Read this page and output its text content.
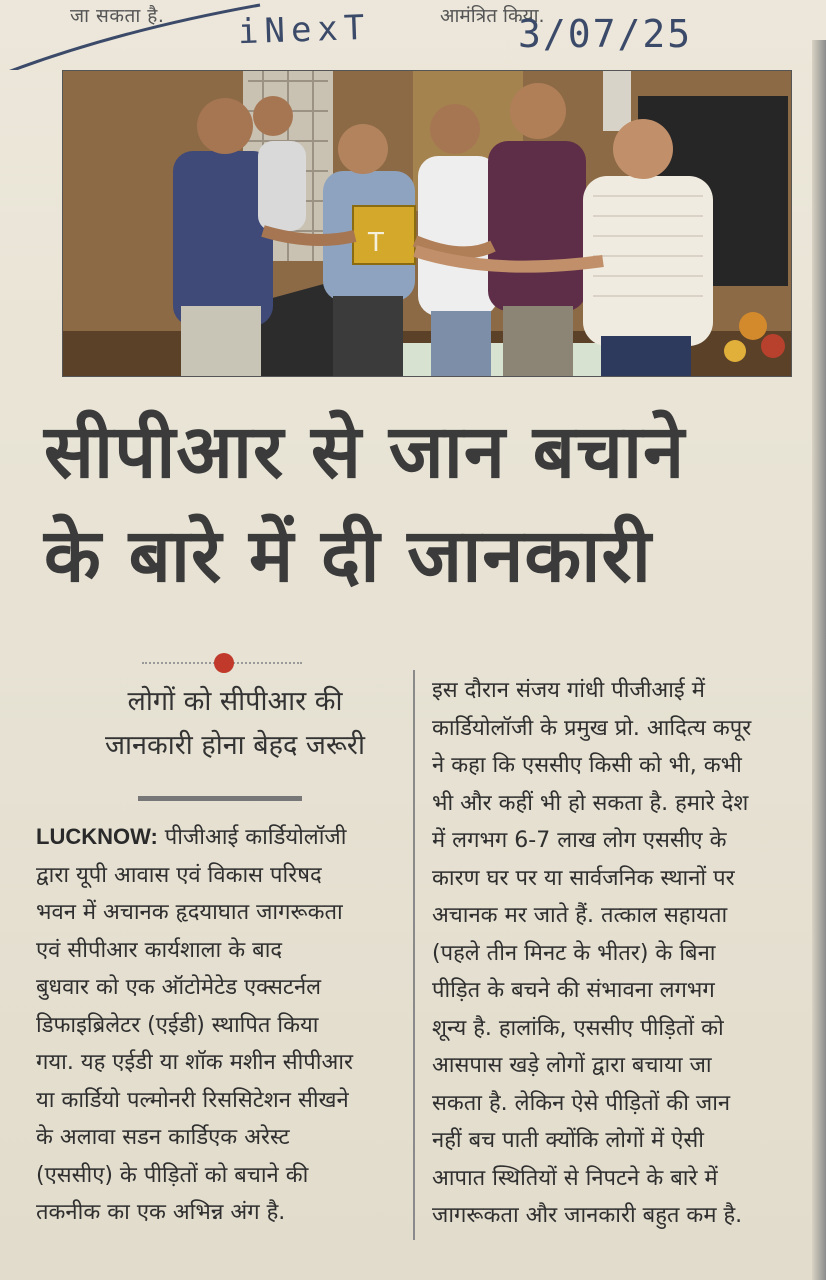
जा सकता है. iNexT	आमंत्रित किया.
3/07/25
T
सीपीआर से जान बचाने
के बारे में दी जानकारी
लोगों को सीपीआर की
जानकारी होना बेहद जरूरी
LUCKNOW: पीजीआई कार्डियोलॉजी
द्वारा यूपी आवास एवं विकास परिषद
भवन में अचानक हृदयाघात जागरूकता
एवं सीपीआर कार्यशाला के बाद
बुधवार को एक ऑटोमेटेड एक्सटर्नल
डिफाइब्रिलेटर (एईडी) स्थापित किया
गया. यह एईडी या शॉक मशीन सीपीआर
या कार्डियो पल्मोनरी रिससिटेशन सीखने
के अलावा सडन कार्डिएक अरेस्ट
(एससीए) के पीड़ितों को बचाने की
तकनीक का एक अभिन्न अंग है.
इस दौरान संजय गांधी पीजीआई में
कार्डियोलॉजी के प्रमुख प्रो. आदित्य कपूर
ने कहा कि एससीए किसी को भी, कभी
भी और कहीं भी हो सकता है. हमारे देश
में लगभग 6-7 लाख लोग एससीए के
कारण घर पर या सार्वजनिक स्थानों पर
अचानक मर जाते हैं. तत्काल सहायता
(पहले तीन मिनट के भीतर) के बिना
पीड़ित के बचने की संभावना लगभग
शून्य है. हालांकि, एससीए पीड़ितों को
आसपास खड़े लोगों द्वारा बचाया जा
सकता है. लेकिन ऐसे पीड़ितों की जान
नहीं बच पाती क्योंकि लोगों में ऐसी
आपात स्थितियों से निपटने के बारे में
जागरूकता और जानकारी बहुत कम है.
